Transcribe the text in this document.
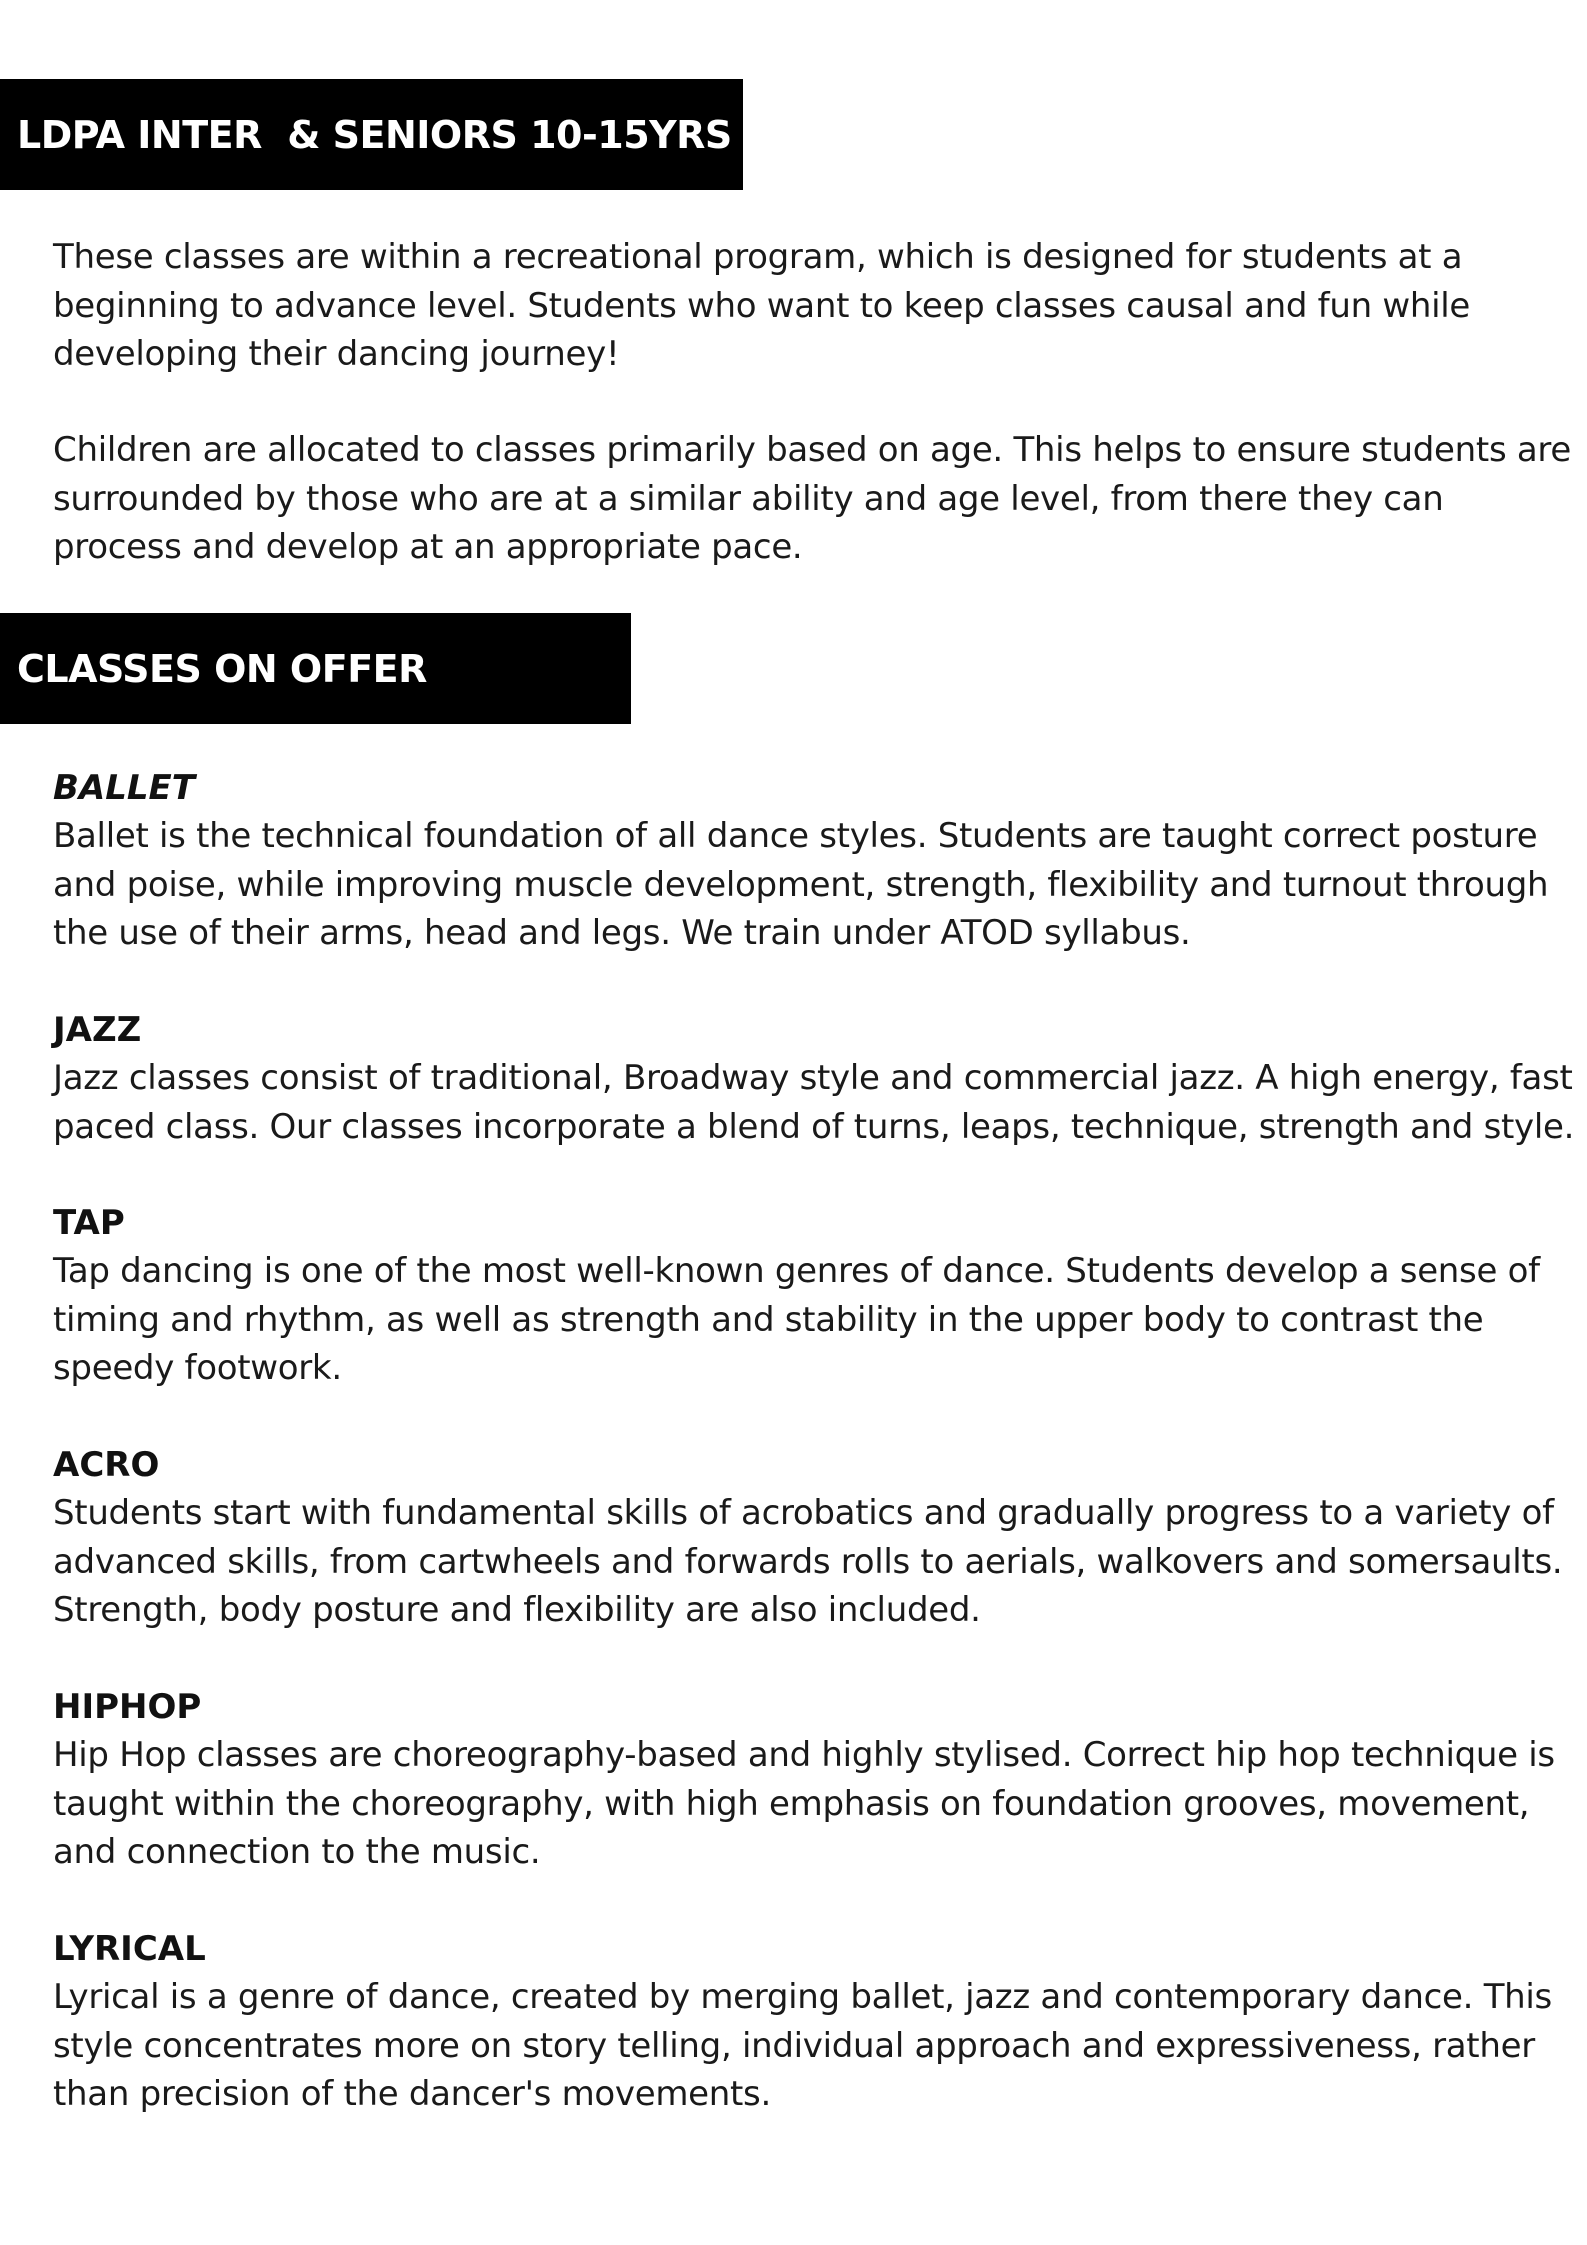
LDPA INTER  & SENIORS 10-15YRS +

These classes are within a recreational program, which is designed for students at a
beginning to advance level. Students who want to keep classes causal and fun while
developing their dancing journey!

Children are allocated to classes primarily based on age. This helps to ensure students are
surrounded by those who are at a similar ability and age level, from there they can
process and develop at an appropriate pace.

CLASSES ON OFFER
BALLET

Ballet is the technical foundation of all dance styles. Students are taught correct posture
and poise, while improving muscle development, strength, flexibility and turnout through
the use of their arms, head and legs. We train under ATOD syllabus.

JAZZ

Jazz classes consist of traditional, Broadway style and commercial jazz. A high energy, fast
paced class. Our classes incorporate a blend of turns, leaps, technique, strength and style.

TAP

Tap dancing is one of the most well-known genres of dance. Students develop a sense of
timing and rhythm, as well as strength and stability in the upper body to contrast the
speedy footwork.

ACRO

Students start with fundamental skills of acrobatics and gradually progress to a variety of
advanced skills, from cartwheels and forwards rolls to aerials, walkovers and somersaults.
Strength, body posture and flexibility are also included.

HIPHOP

Hip Hop classes are choreography-based and highly stylised. Correct hip hop technique is
taught within the choreography, with high emphasis on foundation grooves, movement,
and connection to the music.

LYRICAL

Lyrical is a genre of dance, created by merging ballet, jazz and contemporary dance. This
style concentrates more on story telling, individual approach and expressiveness, rather
than precision of the dancer's movements.
